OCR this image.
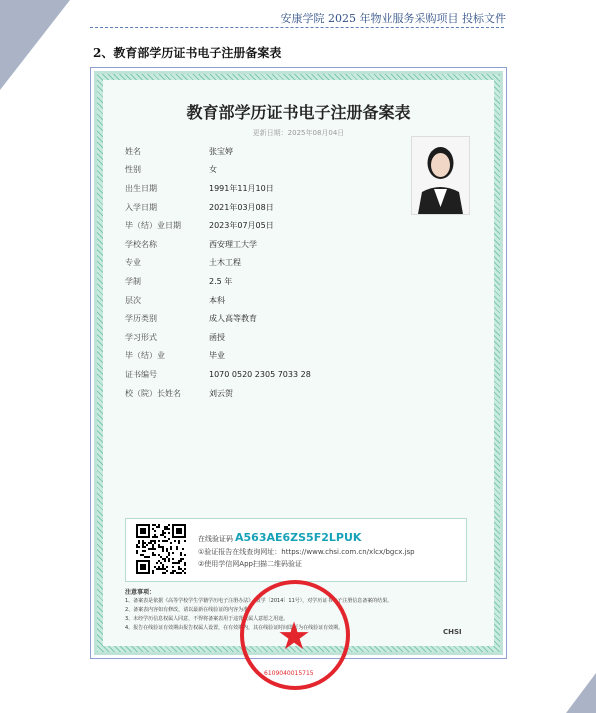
安康学院 2025 年物业服务采购项目 投标文件
2、教育部学历证书电子注册备案表
教育部学历证书电子注册备案表
更新日期：2025年08月04日
姓名	张宝婷
性别	女
出生日期	1991年11月10日
入学日期	2021年03月08日
毕（结）业日期	2023年07月05日
学校名称	西安理工大学
专业	土木工程
学制	2.5 年
层次	本科
学历类别	成人高等教育
学习形式	函授
毕（结）业	毕业
证书编号	1070 0520 2305 7033 28
校（院）长姓名	刘云贺
在线验证码 A563AE6ZS5F2LPUK
①验证报告在线查询网址：https://www.chsi.com.cn/xlcx/bgcx.jsp
②使用学信网App扫描二维码验证
注意事项：
1、备案表是依据《高等学校学生学籍学历电子注册办法》（教学〔2014〕11号），对学历证书电子注册信息备案的结果。
2、备案表内容如有修改，请以最新在线验证的内容为准。
3、未经学历信息权属人同意，不得将备案表用于违背权属人意愿之用途。
4、报告在线验证有效期由报告权属人设置，在有效期内，其在线验证时间即可为在线验证有效期。	CHSI
★
6109040015715
